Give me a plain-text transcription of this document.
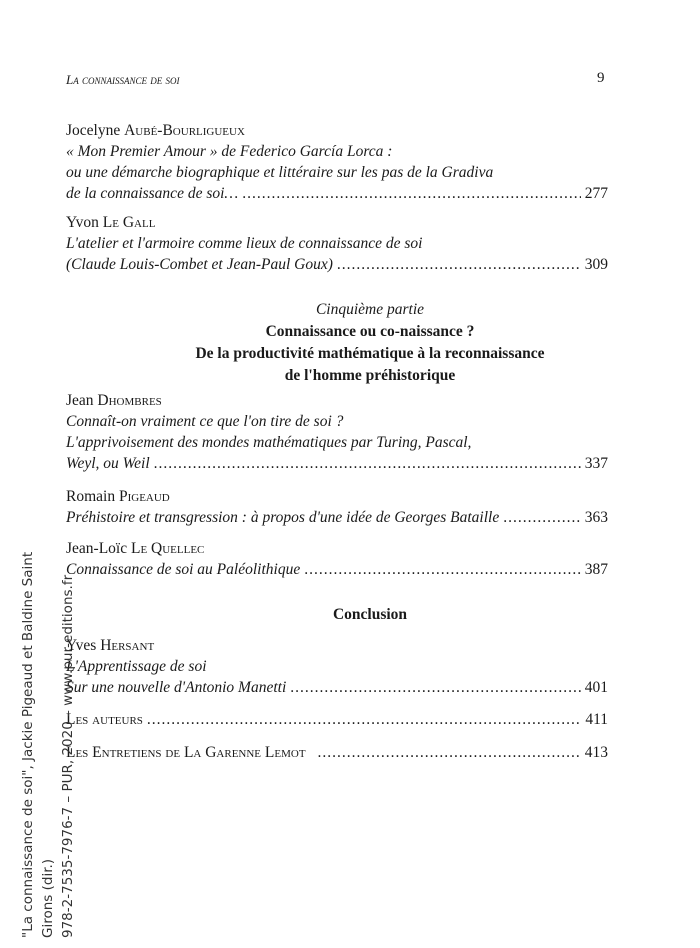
La connaissance de soi	9
Jocelyne Aubé-Bourligueux
« Mon Premier Amour » de Federico García Lorca :
ou une démarche biographique et littéraire sur les pas de la Gradiva
de la connaissance de soi… .....	277
Yvon Le Gall
L'atelier et l'armoire comme lieux de connaissance de soi
(Claude Louis-Combet et Jean-Paul Goux) .....	309
Cinquième partie
Connaissance ou co-naissance ?
De la productivité mathématique à la reconnaissance
de l'homme préhistorique
Jean Dhombres
Connaît-on vraiment ce que l'on tire de soi ?
L'apprivoisement des mondes mathématiques par Turing, Pascal,
Weyl, ou Weil .....	337
Romain Pigeaud
Préhistoire et transgression : à propos d'une idée de Georges Bataille .....	363
Jean-Loïc Le Quellec
Connaissance de soi au Paléolithique .....	387
Conclusion
Yves Hersant
L'Apprentissage de soi
Sur une nouvelle d'Antonio Manetti .....	401
Les auteurs .....	411
Les Entretiens de La Garenne Lemot .....	413
"La connaissance de soi", Jackie Pigeaud et Baldine Saint Girons (dir.) 978-2-7535-7976-7 – PUR, 2020 – www.pur-editions.fr
